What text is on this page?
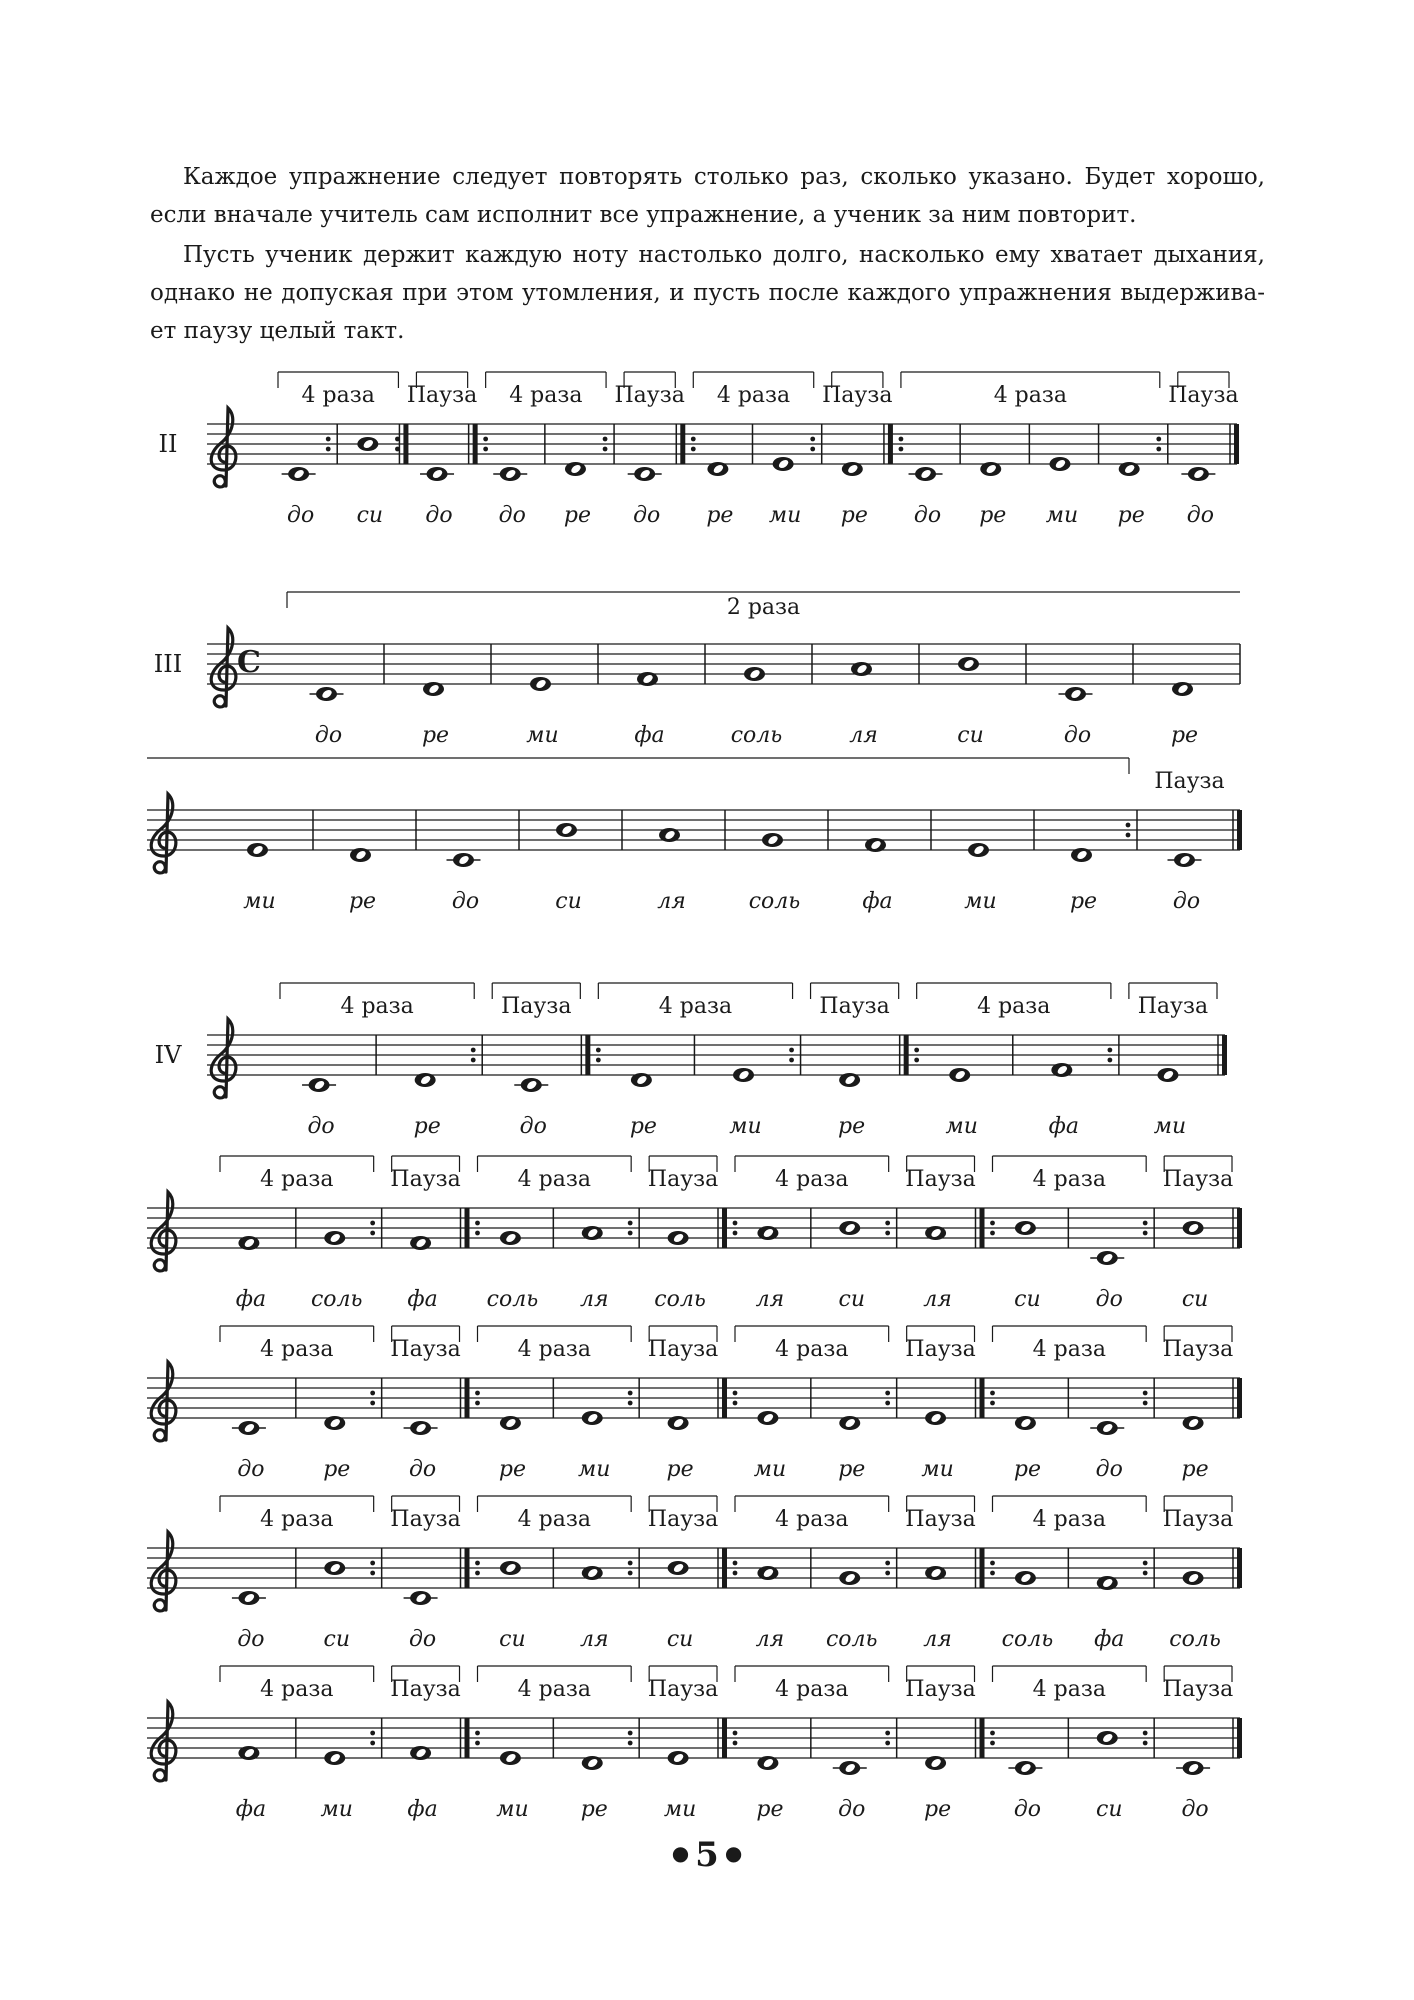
Каждое упражнение следует повторять столько раз, сколько указано. Будет хорошо, если вначале учитель сам исполнит все упражнение, а ученик за ним повторит.

Пусть ученик держит каждую ноту настолько долго, насколько ему хватает дыхания, однако не допуская при этом утомления, и пусть после каждого упражнения выдерживает паузу целый такт.

II
до си до до ре до ре ми ре до ре ми ре до
4 раза Пауза 4 раза Пауза 4 раза Пауза	4 раза	Пауза
III C
до	ре	ми	фа	соль	ля	си	до	ре
2 раза
ми	ре	до	си	ля	соль	фа	ми	ре	до
Пауза
IV
до	ре	до	ре	ми	ре	ми	фа	ми
4 раза	Пауза	4 раза	Пауза	4 раза	Пауза
фа соль фа соль ля соль ля си	ля	си до	си
4 раза	Пауза	4 раза	Пауза	4 раза	Пауза	4 раза	Пауза
до	ре	до	ре ми	ре	ми ре	ми	ре до	ре
4 раза	Пауза	4 раза	Пауза	4 раза	Пауза	4 раза	Пауза
до	си	до	си ля	си	ля соль ля соль фа соль
4 раза	Пауза	4 раза	Пауза	4 раза	Пауза	4 раза	Пауза
фа ми фа	ми ре	ми	ре до	ре	до си	до
4 раза	Пауза	4 раза	Пауза	4 раза	Пауза	4 раза	Пауза
● 5 ●
